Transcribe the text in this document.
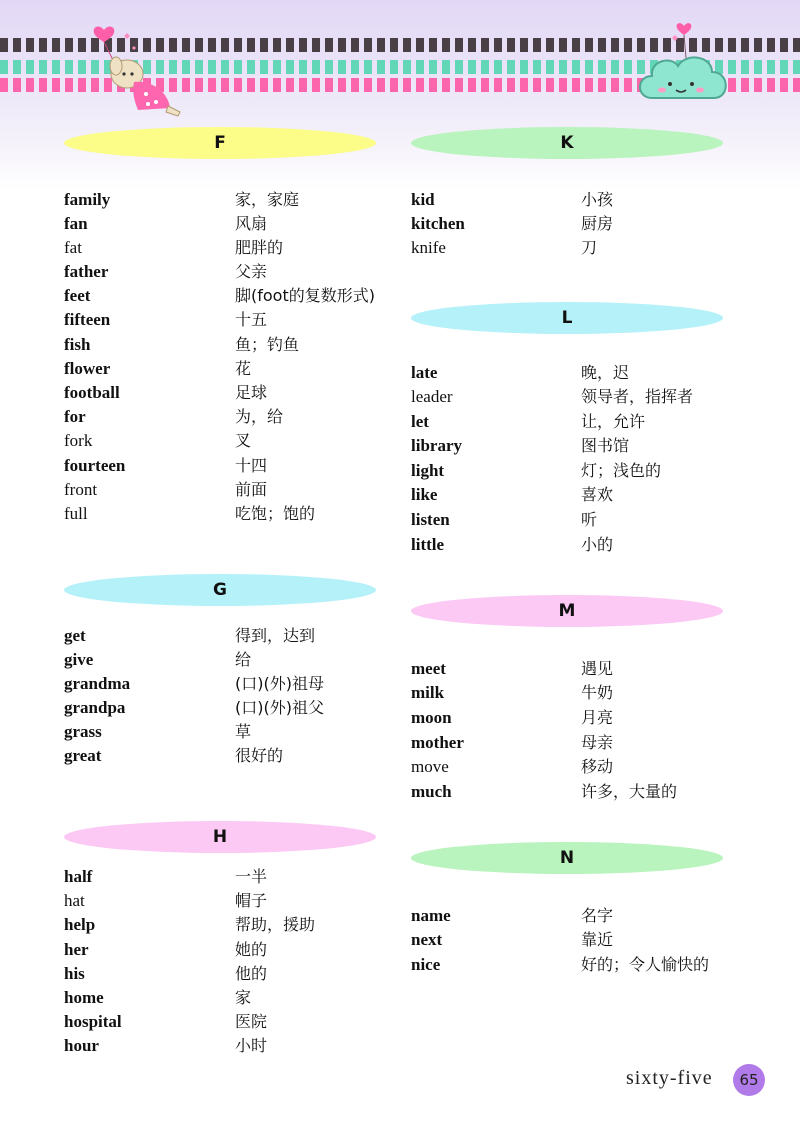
F
family	家，家庭
fan	风扇
fat	肥胖的
father	父亲
feet	脚(foot的复数形式)
fifteen	十五
fish	鱼；钓鱼
flower	花
football	足球
for	为，给
fork	叉
fourteen	十四
front	前面
full	吃饱；饱的
G
get	得到，达到
give	给
grandma	(口)(外)祖母
grandpa	(口)(外)祖父
grass	草
great	很好的
H
half	一半
hat	帽子
help	帮助，援助
her	她的
his	他的
home	家
hospital	医院
hour	小时
K
kid	小孩
kitchen	厨房
knife	刀
L
late	晚，迟
leader	领导者，指挥者
let	让，允许
library	图书馆
light	灯；浅色的
like	喜欢
listen	听
little	小的
M
meet	遇见
milk	牛奶
moon	月亮
mother	母亲
move	移动
much	许多，大量的
N
name	名字
next	靠近
nice	好的；令人愉快的
sixty-five	65
